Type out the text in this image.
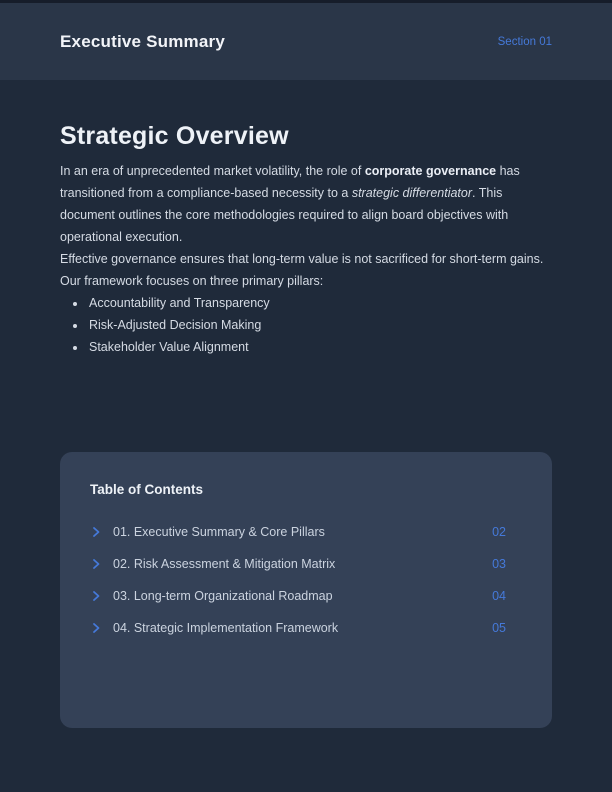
Executive Summary	Section 01
Strategic Overview

In an era of unprecedented market volatility, the role of corporate governance has transitioned from a compliance-based necessity to a strategic differentiator. This document outlines the core methodologies required to align board objectives with operational execution.

Effective governance ensures that long-term value is not sacrificed for short-term gains. Our framework focuses on three primary pillars:

• Accountability and Transparency
• Risk-Adjusted Decision Making
• Stakeholder Value Alignment
Table of Contents
01. Executive Summary & Core Pillars	02
02. Risk Assessment & Mitigation Matrix	03
03. Long-term Organizational Roadmap	04
04. Strategic Implementation Framework	05
